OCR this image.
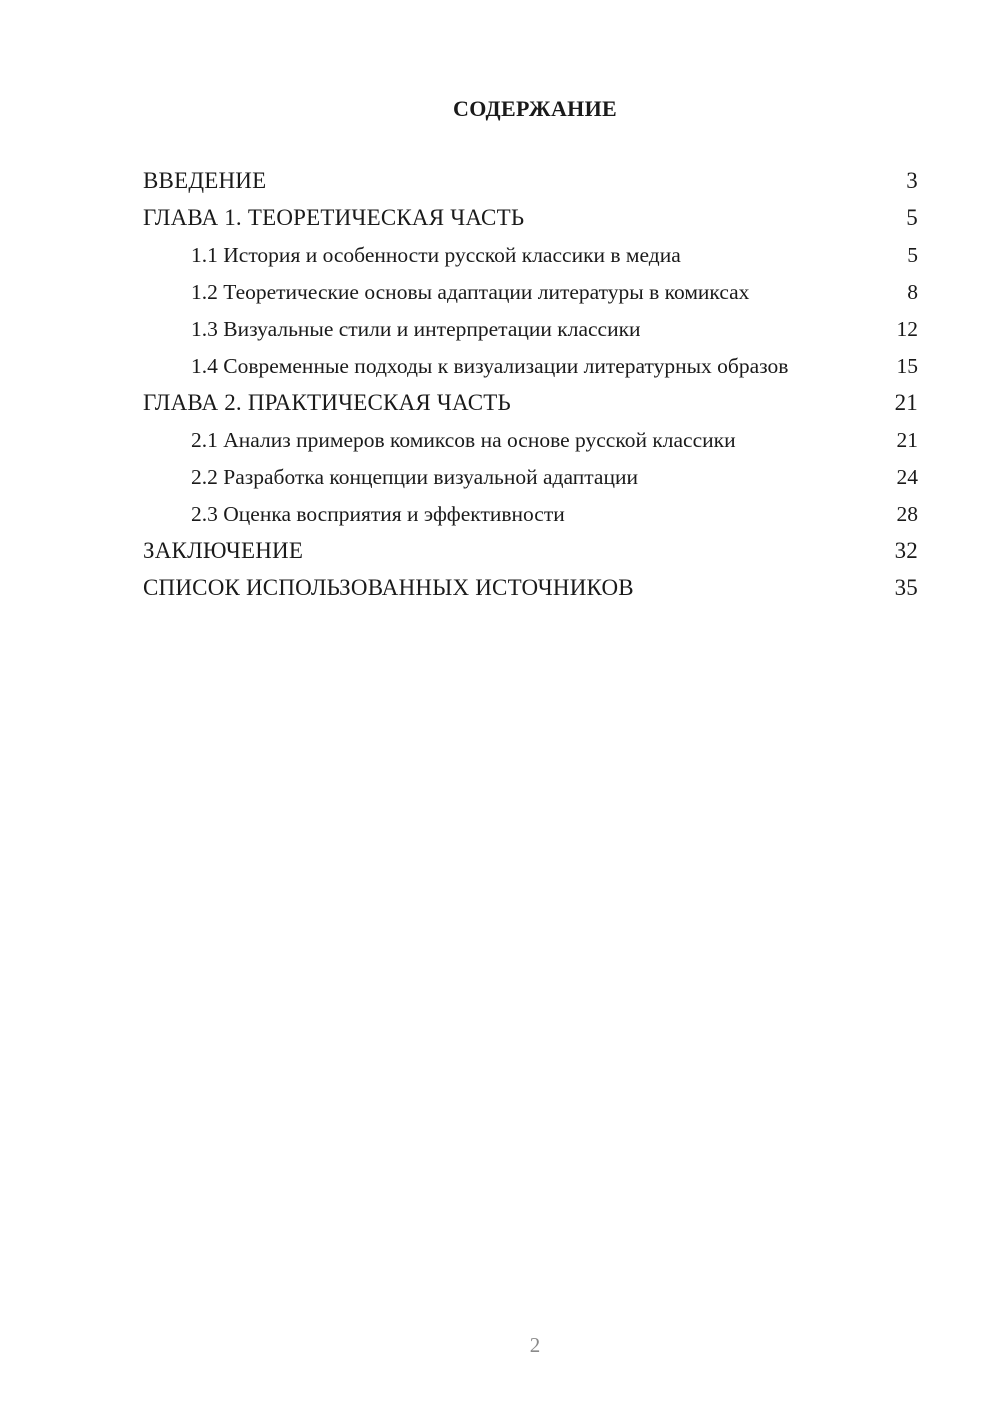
СОДЕРЖАНИЕ
ВВЕДЕНИЕ	3
ГЛАВА 1. ТЕОРЕТИЧЕСКАЯ ЧАСТЬ	5
1.1 История и особенности русской классики в медиа	5
1.2 Теоретические основы адаптации литературы в комиксах	8
1.3 Визуальные стили и интерпретации классики	12
1.4 Современные подходы к визуализации литературных образов	15
ГЛАВА 2. ПРАКТИЧЕСКАЯ ЧАСТЬ	21
2.1 Анализ примеров комиксов на основе русской классики	21
2.2 Разработка концепции визуальной адаптации	24
2.3 Оценка восприятия и эффективности	28
ЗАКЛЮЧЕНИЕ	32
СПИСОК ИСПОЛЬЗОВАННЫХ ИСТОЧНИКОВ	35
2
